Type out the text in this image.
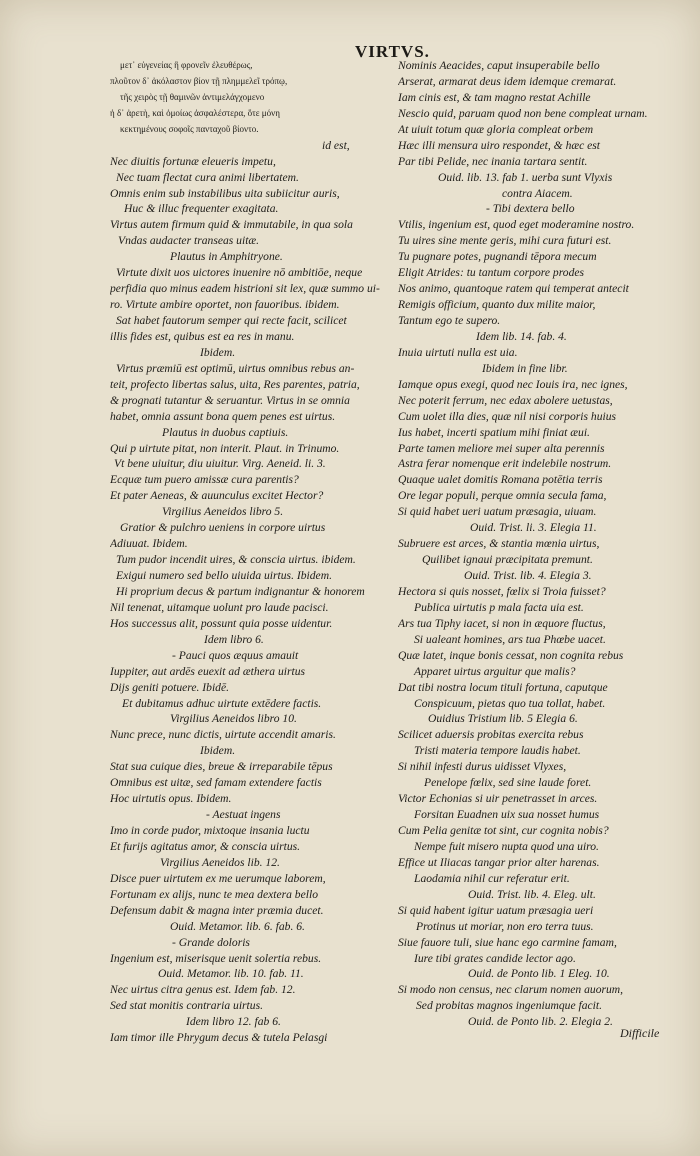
VIRTVS.
μετ᾽ εὐγενείας ἢ φρονεῖν ἐλευθέρως,
πλοῦτον δ᾽ ἀκόλαστον βίον τῇ πλημμελεῖ τρόπῳ,
τῆς χειρὸς τῇ θαμινῶν ἀντιμελάγχομενο
ἡ δ᾽ ἀρετὴ, καὶ ὁμοίως ἀσφαλέστερα, ὅτε μόνη
κεκτημένους σοφοῖς πανταχοῦ βίοντο.
id est,
Nec diuitis fortunæ eleueris impetu,
Nec tuam flectat cura animi libertatem.
Omnis enim sub instabilibus uita subiicitur auris,
Huc & illuc frequenter exagitata.
Virtus autem firmum quid & immutabile, in qua sola
Vndas audacter transeas uitæ.
Plautus in Amphitryone.
Virtute dixit uos uictores inuenire nō ambitiōe, neque
perfidia quo minus eadem histrioni sit lex, quæ summo ui-
ro. Virtute ambire oportet, non fauoribus. ibidem.
Sat habet fautorum semper qui recte facit, scilicet
illis fides est, quibus est ea res in manu.
Ibidem.
Virtus præmiū est optimū, uirtus omnibus rebus an-
teit, profecto libertas salus, uita, Res parentes, patria,
& prognati tutantur & seruantur. Virtus in se omnia
habet, omnia assunt bona quem penes est uirtus.
Plautus in duobus captiuis.
Qui p uirtute pitat, non interit. Plaut. in Trinumo.
Vt bene uiuitur, diu uiuitur. Virg. Aeneid. li. 3.
Ecquæ tum puero amissæ cura parentis?
Et pater Aeneas, & auunculus excitet Hector?
Virgilius Aeneidos libro 5.
Gratior & pulchro ueniens in corpore uirtus
Adiuuat. Ibidem.
Tum pudor incendit uires, & conscia uirtus. ibidem.
Exigui numero sed bello uiuida uirtus. Ibidem.
Hi proprium decus & partum indignantur & honorem
Nil tenenat, uitamque uolunt pro laude pacisci.
Hos successus alit, possunt quia posse uidentur.
Idem libro 6.
- Pauci quos æquus amauit
Iuppiter, aut ardēs euexit ad æthera uirtus
Dijs geniti potuere. Ibidē.
Et dubitamus adhuc uirtute extēdere factis.
Virgilius Aeneidos libro 10.
Nunc prece, nunc dictis, uirtute accendit amaris.
Ibidem.
Stat sua cuique dies, breue & irreparabile tēpus
Omnibus est uitæ, sed famam extendere factis
Hoc uirtutis opus. Ibidem.
- Aestuat ingens
Imo in corde pudor, mixtoque insania luctu
Et furijs agitatus amor, & conscia uirtus.
Virgilius Aeneidos lib. 12.
Disce puer uirtutem ex me uerumque laborem,
Fortunam ex alijs, nunc te mea dextera bello
Defensum dabit & magna inter præmia ducet.
Ouid. Metamor. lib. 6. fab. 6.
- Grande doloris
Ingenium est, miserisque uenit solertia rebus.
Ouid. Metamor. lib. 10. fab. 11.
Nec uirtus citra genus est. Idem fab. 12.
Sed stat monitis contraria uirtus.
Idem libro 12. fab 6.
Iam timor ille Phrygum decus & tutela Pelasgi
Nominis Aeacides, caput insuperabile bello
Arserat, armarat deus idem idemque cremarat.
Iam cinis est, & tam magno restat Achille
Nescio quid, paruam quod non bene compleat urnam.
At uiuit totum quæ gloria compleat orbem
Hæc illi mensura uiro respondet, & hæc est
Par tibi Pelide, nec inania tartara sentit.
Ouid. lib. 13. fab 1. uerba sunt Vlyxis
contra Aiacem.
- Tibi dextera bello
Vtilis, ingenium est, quod eget moderamine nostro.
Tu uires sine mente geris, mihi cura futuri est.
Tu pugnare potes, pugnandi tēpora mecum
Eligit Atrides: tu tantum corpore prodes
Nos animo, quantoque ratem qui temperat antecit
Remigis officium, quanto dux milite maior,
Tantum ego te supero.
Idem lib. 14. fab. 4.
Inuia uirtuti nulla est uia.
Ibidem in fine libr.
Iamque opus exegi, quod nec Iouis ira, nec ignes,
Nec poterit ferrum, nec edax abolere uetustas,
Cum uolet illa dies, quæ nil nisi corporis huius
Ius habet, incerti spatium mihi finiat æui.
Parte tamen meliore mei super alta perennis
Astra ferar nomenque erit indelebile nostrum.
Quaque ualet domitis Romana potētia terris
Ore legar populi, perque omnia secula fama,
Si quid habet ueri uatum præsagia, uiuam.
Ouid. Trist. li. 3. Elegia 11.
Subruere est arces, & stantia mœnia uirtus,
Quilibet ignaui præcipitata premunt.
Ouid. Trist. lib. 4. Elegia 3.
Hectora si quis nosset, fœlix si Troia fuisset?
Publica uirtutis p mala facta uia est.
Ars tua Tiphy iacet, si non in æquore fluctus,
Si ualeant homines, ars tua Phœbe uacet.
Quæ latet, inque bonis cessat, non cognita rebus
Apparet uirtus arguitur que malis?
Dat tibi nostra locum tituli fortuna, caputque
Conspicuum, pietas quo tua tollat, habet.
Ouidius Tristium lib. 5 Elegia 6.
Scilicet aduersis probitas exercita rebus
Tristi materia tempore laudis habet.
Si nihil infesti durus uidisset Vlyxes,
Penelope fœlix, sed sine laude foret.
Victor Echonias si uir penetrasset in arces.
Forsitan Euadnen uix sua nosset humus
Cum Pelia genitæ tot sint, cur cognita nobis?
Nempe fuit misero nupta quod una uiro.
Effice ut Iliacas tangar prior alter harenas.
Laodamia nihil cur referatur erit.
Ouid. Trist. lib. 4. Eleg. ult.
Si quid habent igitur uatum præsagia ueri
Protinus ut moriar, non ero terra tuus.
Siue fauore tuli, siue hanc ego carmine famam,
Iure tibi grates candide lector ago.
Ouid. de Ponto lib. 1 Eleg. 10.
Si modo non census, nec clarum nomen auorum,
Sed probitas magnos ingeniumque facit.
Ouid. de Ponto lib. 2. Elegia 2.
Difficile
